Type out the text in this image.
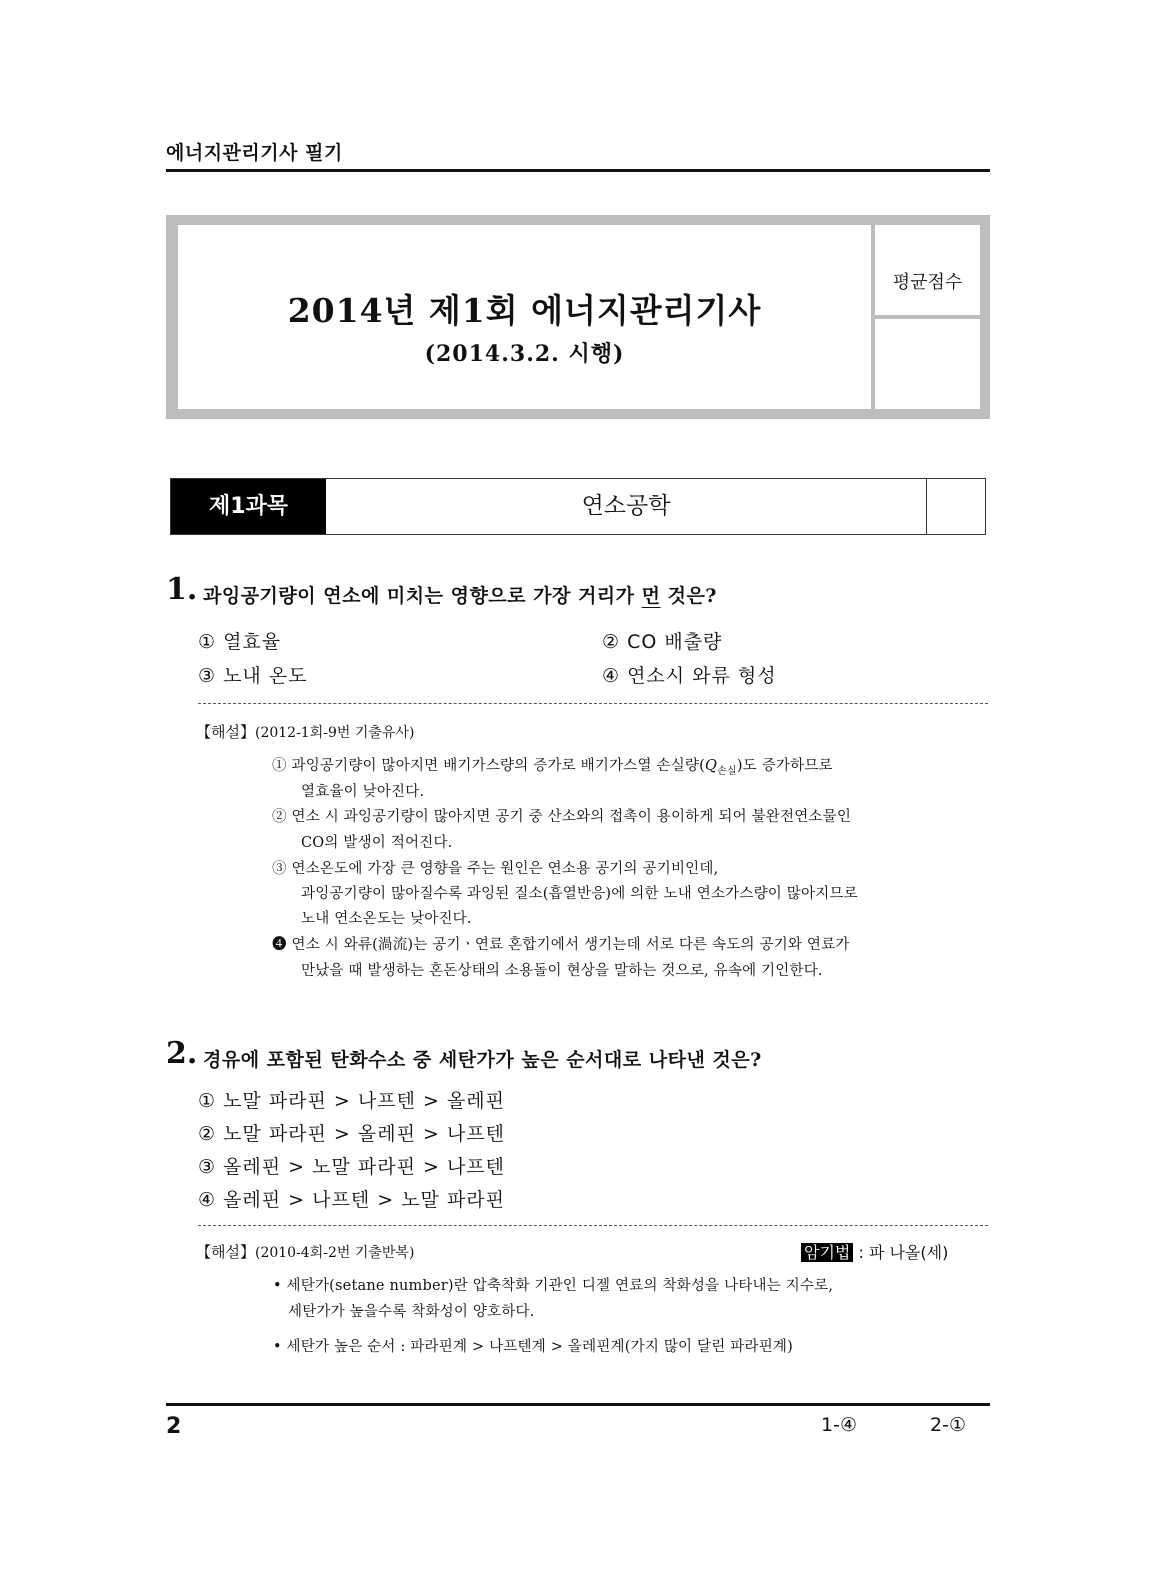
에너지관리기사 필기
2014년 제1회 에너지관리기사
(2014.3.2. 시행)
평균점수
제1과목	연소공학
1. 과잉공기량이 연소에 미치는 영향으로 가장 거리가 먼 것은?
① 열효율	② CO 배출량
③ 노내 온도	④ 연소시 와류 형성
【해설】(2012-1회-9번 기출유사)
① 과잉공기량이 많아지면 배기가스량의 증가로 배기가스열 손실량$(Q_{손실})$도 증가하므로
열효율이 낮아진다.
② 연소 시 과잉공기량이 많아지면 공기 중 산소와의 접촉이 용이하게 되어 불완전연소물인
CO의 발생이 적어진다.
③ 연소온도에 가장 큰 영향을 주는 원인은 연소용 공기의 공기비인데,
과잉공기량이 많아질수록 과잉된 질소(흡열반응)에 의한 노내 연소가스량이 많아지므로
노내 연소온도는 낮아진다.
❹ 연소 시 와류(渦流)는 공기ㆍ연료 혼합기에서 생기는데 서로 다른 속도의 공기와 연료가
만났을 때 발생하는 혼돈상태의 소용돌이 현상을 말하는 것으로, 유속에 기인한다.
2. 경유에 포함된 탄화수소 중 세탄가가 높은 순서대로 나타낸 것은?
① 노말 파라핀 > 나프텐 > 올레핀
② 노말 파라핀 > 올레핀 > 나프텐
③ 올레핀 > 노말 파라핀 > 나프텐
④ 올레핀 > 나프텐 > 노말 파라핀
【해설】(2010-4회-2번 기출반복)	암기법 : 파 나올(세)
• 세탄가(setane number)란 압축착화 기관인 디젤 연료의 착화성을 나타내는 지수로,
세탄가가 높을수록 착화성이 양호하다.
• 세탄가 높은 순서 : 파라핀계 > 나프텐계 > 올레핀계(가지 많이 달린 파라핀계)
2	1-④	2-①
